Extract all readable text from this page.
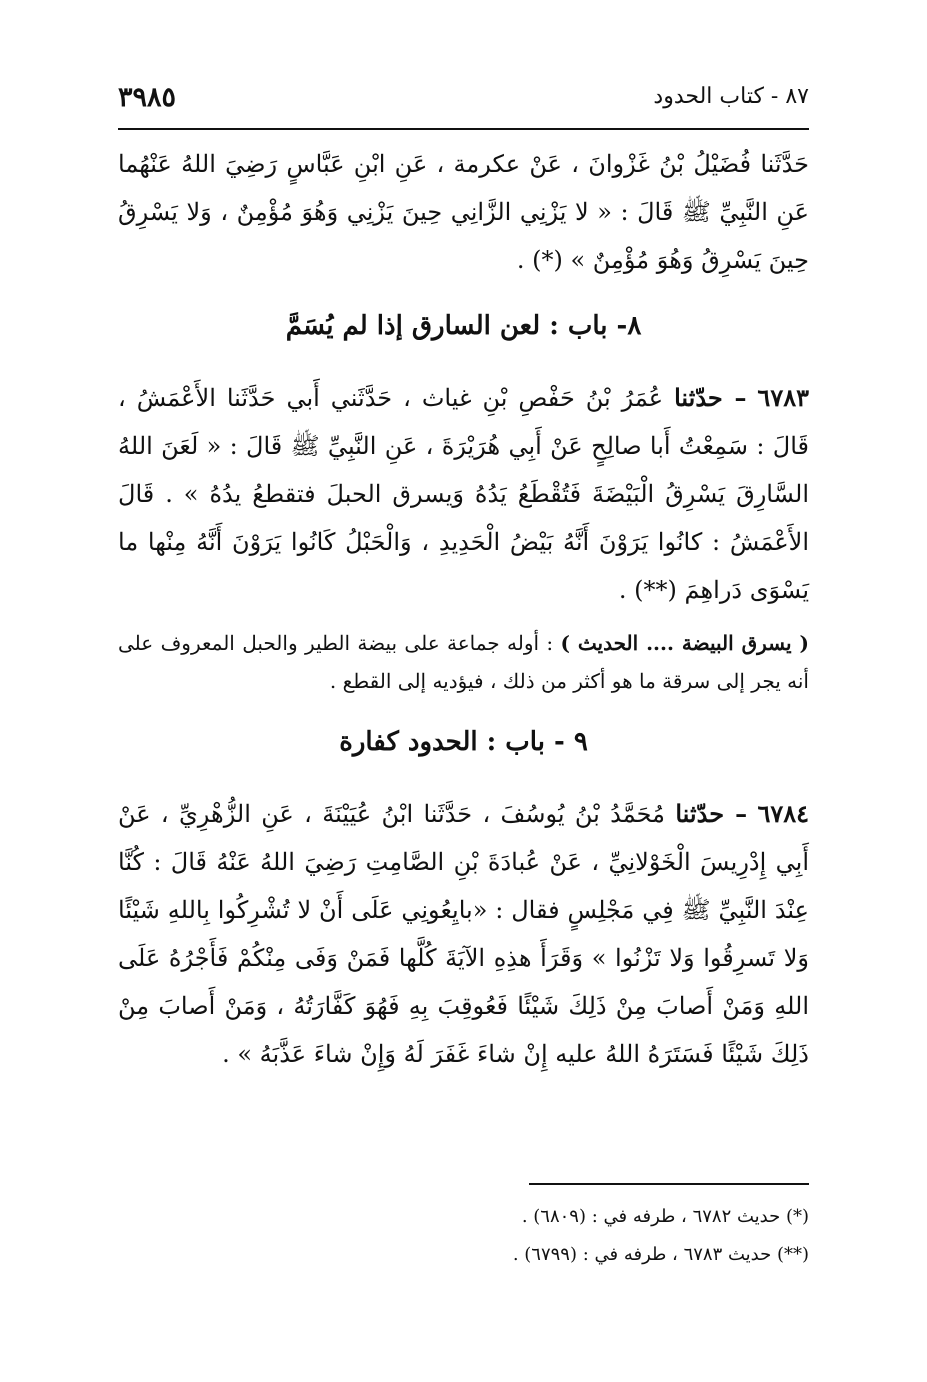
٣٩٨٥	٨٧ - كتاب الحدود

حَدَّثَنا فُضَيْلُ بْنُ غَزْوانَ ، عَنْ عكرمة ، عَنِ ابْنِ عَبَّاسٍ رَضِيَ اللهُ عَنْهُما عَنِ النَّبِيِّ ﷺ قَالَ : « لا يَزْنِي الزَّانِي حِينَ يَزْنِي وَهُوَ مُؤْمِنٌ ، وَلا يَسْرِقُ حِينَ يَسْرِقُ وَهُوَ مُؤْمِنٌ » (*) .

٨- باب : لعن السارق إذا لم يُسَمَّ

٦٧٨٣ – حدّثنا عُمَرُ بْنُ حَفْصِ بْنِ غياث ، حَدَّثَني أَبي حَدَّثَنا الأَعْمَشُ ، قَالَ : سَمِعْتُ أَبا صالِحٍ عَنْ أَبِي هُرَيْرَةَ ، عَنِ النَّبِيِّ ﷺ قَالَ : « لَعَنَ اللهُ السَّارِقَ يَسْرِقُ الْبَيْضَةَ فَتُقْطَعُ يَدُهُ وَيسرق الحبلَ فتقطعُ يدُهُ » . قَالَ الأَعْمَشُ : كانُوا يَرَوْنَ أَنَّهُ بَيْضُ الْحَدِيدِ ، وَالْحَبْلُ كَانُوا يَرَوْنَ أَنَّهُ مِنْها ما يَسْوَى دَراهِمَ (**) .

( يسرق البيضة .... الحديث ) : أوله جماعة على بيضة الطير والحبل المعروف على أنه يجر إلى سرقة ما هو أكثر من ذلك ، فيؤديه إلى القطع .

٩ - باب : الحدود كفارة

٦٧٨٤ – حدّثنا مُحَمَّدُ بْنُ يُوسُفَ ، حَدَّثَنا ابْنُ عُيَيْنَةَ ، عَنِ الزُّهْرِيِّ ، عَنْ أَبِي إِدْرِيسَ الْخَوْلانِيِّ ، عَنْ عُبادَةَ بْنِ الصَّامِتِ رَضِيَ اللهُ عَنْهُ قَالَ : كُنَّا عِنْدَ النَّبِيِّ ﷺ فِي مَجْلِسٍ فقال : «بايِعُونِي عَلَى أَنْ لا تُشْرِكُوا بِاللهِ شَيْئًا وَلا تَسرِقُوا وَلا تَزْنُوا » وَقَرَأَ هذِهِ الآيَةَ كُلَّها فَمَنْ وَفَى مِنْكُمْ فَأَجْرُهُ عَلَى اللهِ وَمَنْ أَصابَ مِنْ ذَلِكَ شَيْئًا فَعُوقِبَ بِهِ فَهُوَ كَفَّارَتُهُ ، وَمَنْ أَصابَ مِنْ ذَلِكَ شَيْئًا فَسَتَرَهُ اللهُ عليه إِنْ شاءَ غَفَرَ لَهُ وَإِنْ شاءَ عَذَّبَهُ » .

(*) حديث ٦٧٨٢ ، طرفه في : (٦٨٠٩) .
(**) حديث ٦٧٨٣ ، طرفه في : (٦٧٩٩) .
